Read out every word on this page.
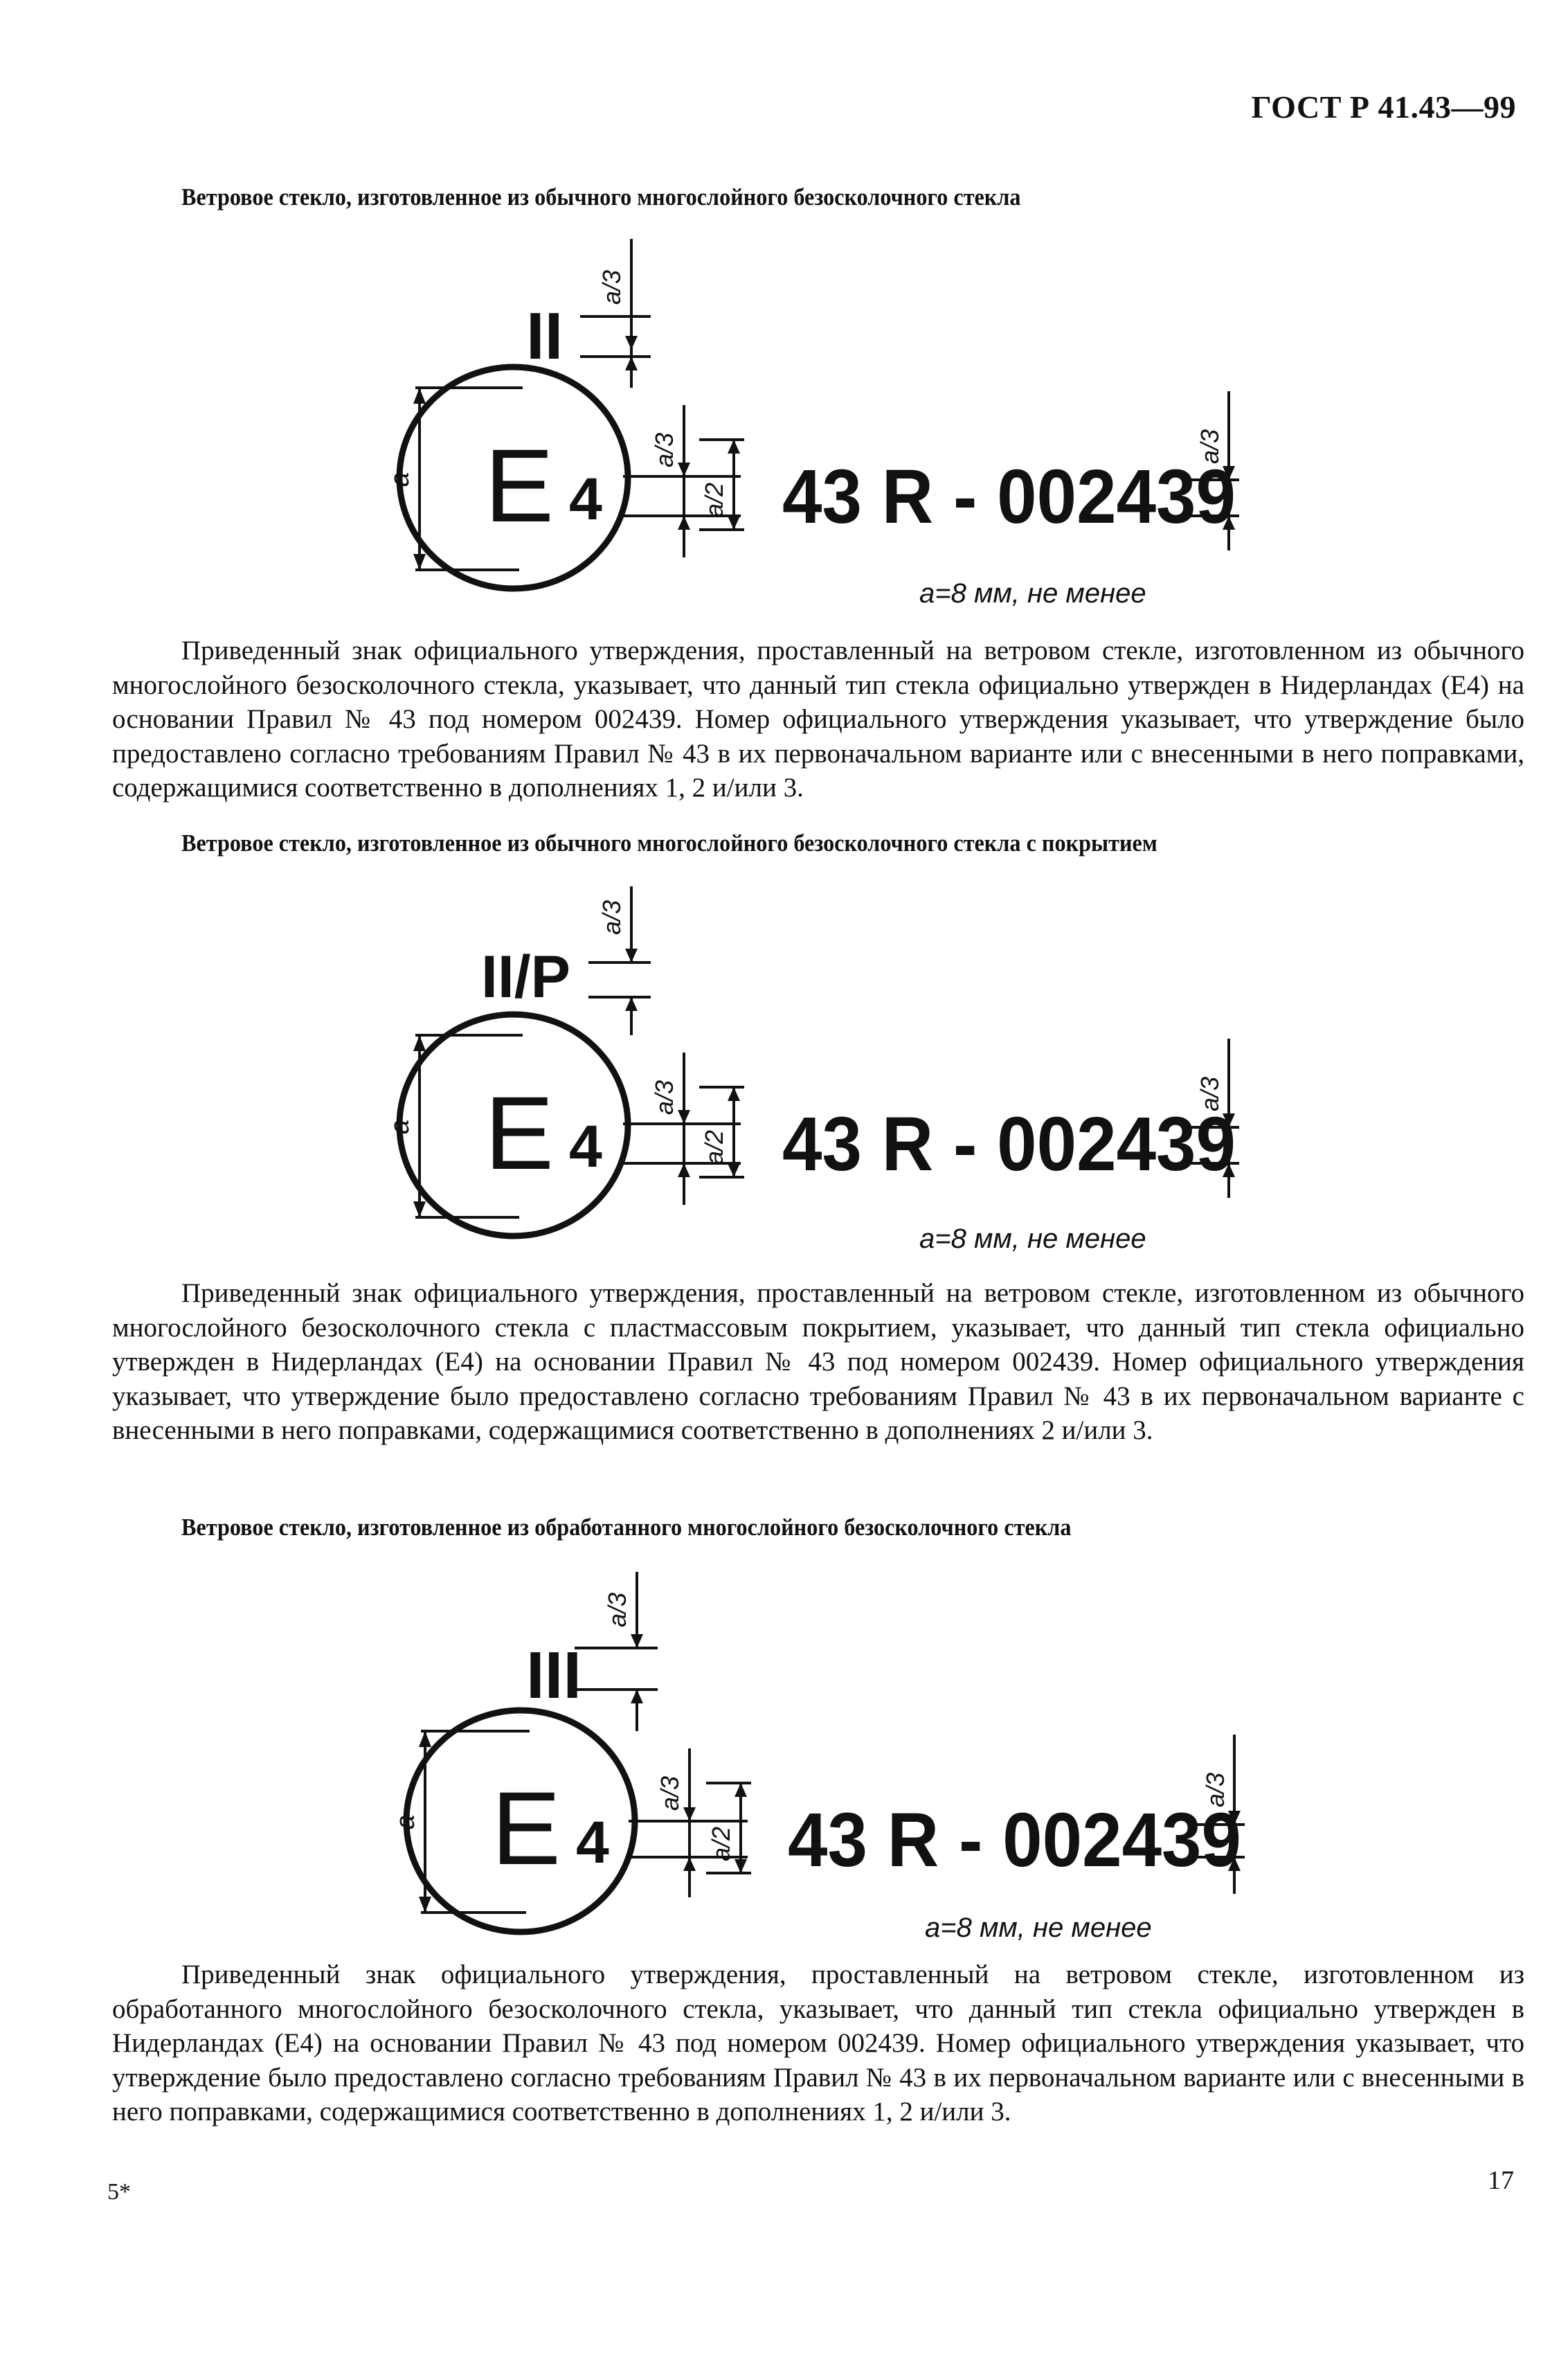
ГОСТ Р 41.43—99
Ветровое стекло, изготовленное из обычного многослойного безосколочного стекла
II
E 4 43 R - 002439
a
a/3
a/3
a/2
a/3
a=8 мм, не менее

Приведенный знак официального утверждения, проставленный на ветровом стекле, изготовленном из обычного многослойного безосколочного стекла, указывает, что данный тип стекла официально утвержден в Нидерландах (Е4) на основании Правил № 43 под номером 002439. Номер официального утверждения указывает, что утверждение было предоставлено согласно требованиям Правил № 43 в их первоначальном варианте или с внесенными в него поправками, содержащимися соответственно в дополнениях 1, 2 и/или 3.

Ветровое стекло, изготовленное из обычного многослойного безосколочного стекла с покрытием
II/P
E 4 43 R - 002439
a
a/3
a/3
a/2
a/3
a=8 мм, не менее

Приведенный знак официального утверждения, проставленный на ветровом стекле, изготовленном из обычного многослойного безосколочного стекла с пластмассовым покрытием, указывает, что данный тип стекла официально утвержден в Нидерландах (Е4) на основании Правил № 43 под номером 002439. Номер официального утверждения указывает, что утверждение было предоставлено согласно требованиям Правил № 43 в их первоначальном варианте с внесенными в него поправками, содержащимися соответственно в дополнениях 2 и/или 3.

Ветровое стекло, изготовленное из обработанного многослойного безосколочного стекла
III
E 4 43 R - 002439
a
a/3
a/3
a/2
a/3
a=8 мм, не менее

Приведенный знак официального утверждения, проставленный на ветровом стекле, изготовленном из обработанного многослойного безосколочного стекла, указывает, что данный тип стекла официально утвержден в Нидерландах (Е4) на основании Правил № 43 под номером 002439. Номер официального утверждения указывает, что утверждение было предоставлено согласно требованиям Правил № 43 в их первоначальном варианте или с внесенными в него поправками, содержащимися соответственно в дополнениях 1, 2 и/или 3.

5*	17
